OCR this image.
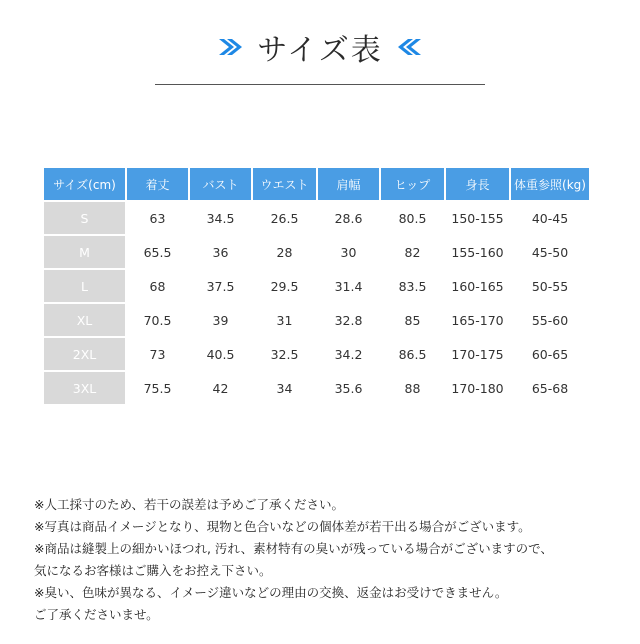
サイズ表
サイズ(cm)	着丈	バスト	ウエスト	肩幅	ヒップ	身長	体重参照(kg)
S	63	34.5	26.5	28.6	80.5	150-155	40-45
M	65.5	36	28	30	82	155-160	45-50
L	68	37.5	29.5	31.4	83.5	160-165	50-55
XL	70.5	39	31	32.8	85	165-170	55-60
2XL	73	40.5	32.5	34.2	86.5	170-175	60-65
3XL	75.5	42	34	35.6	88	170-180	65-68

※人工採寸のため、若干の誤差は予めご了承ください。

※写真は商品イメージとなり、現物と色合いなどの個体差が若干出る場合がございます。

※商品は縫製上の細かいほつれ, 汚れ、素材特有の臭いが残っている場合がございますので、

気になるお客様はご購入をお控え下さい。

※臭い、色味が異なる、イメージ違いなどの理由の交換、返金はお受けできません。

ご了承くださいませ。
